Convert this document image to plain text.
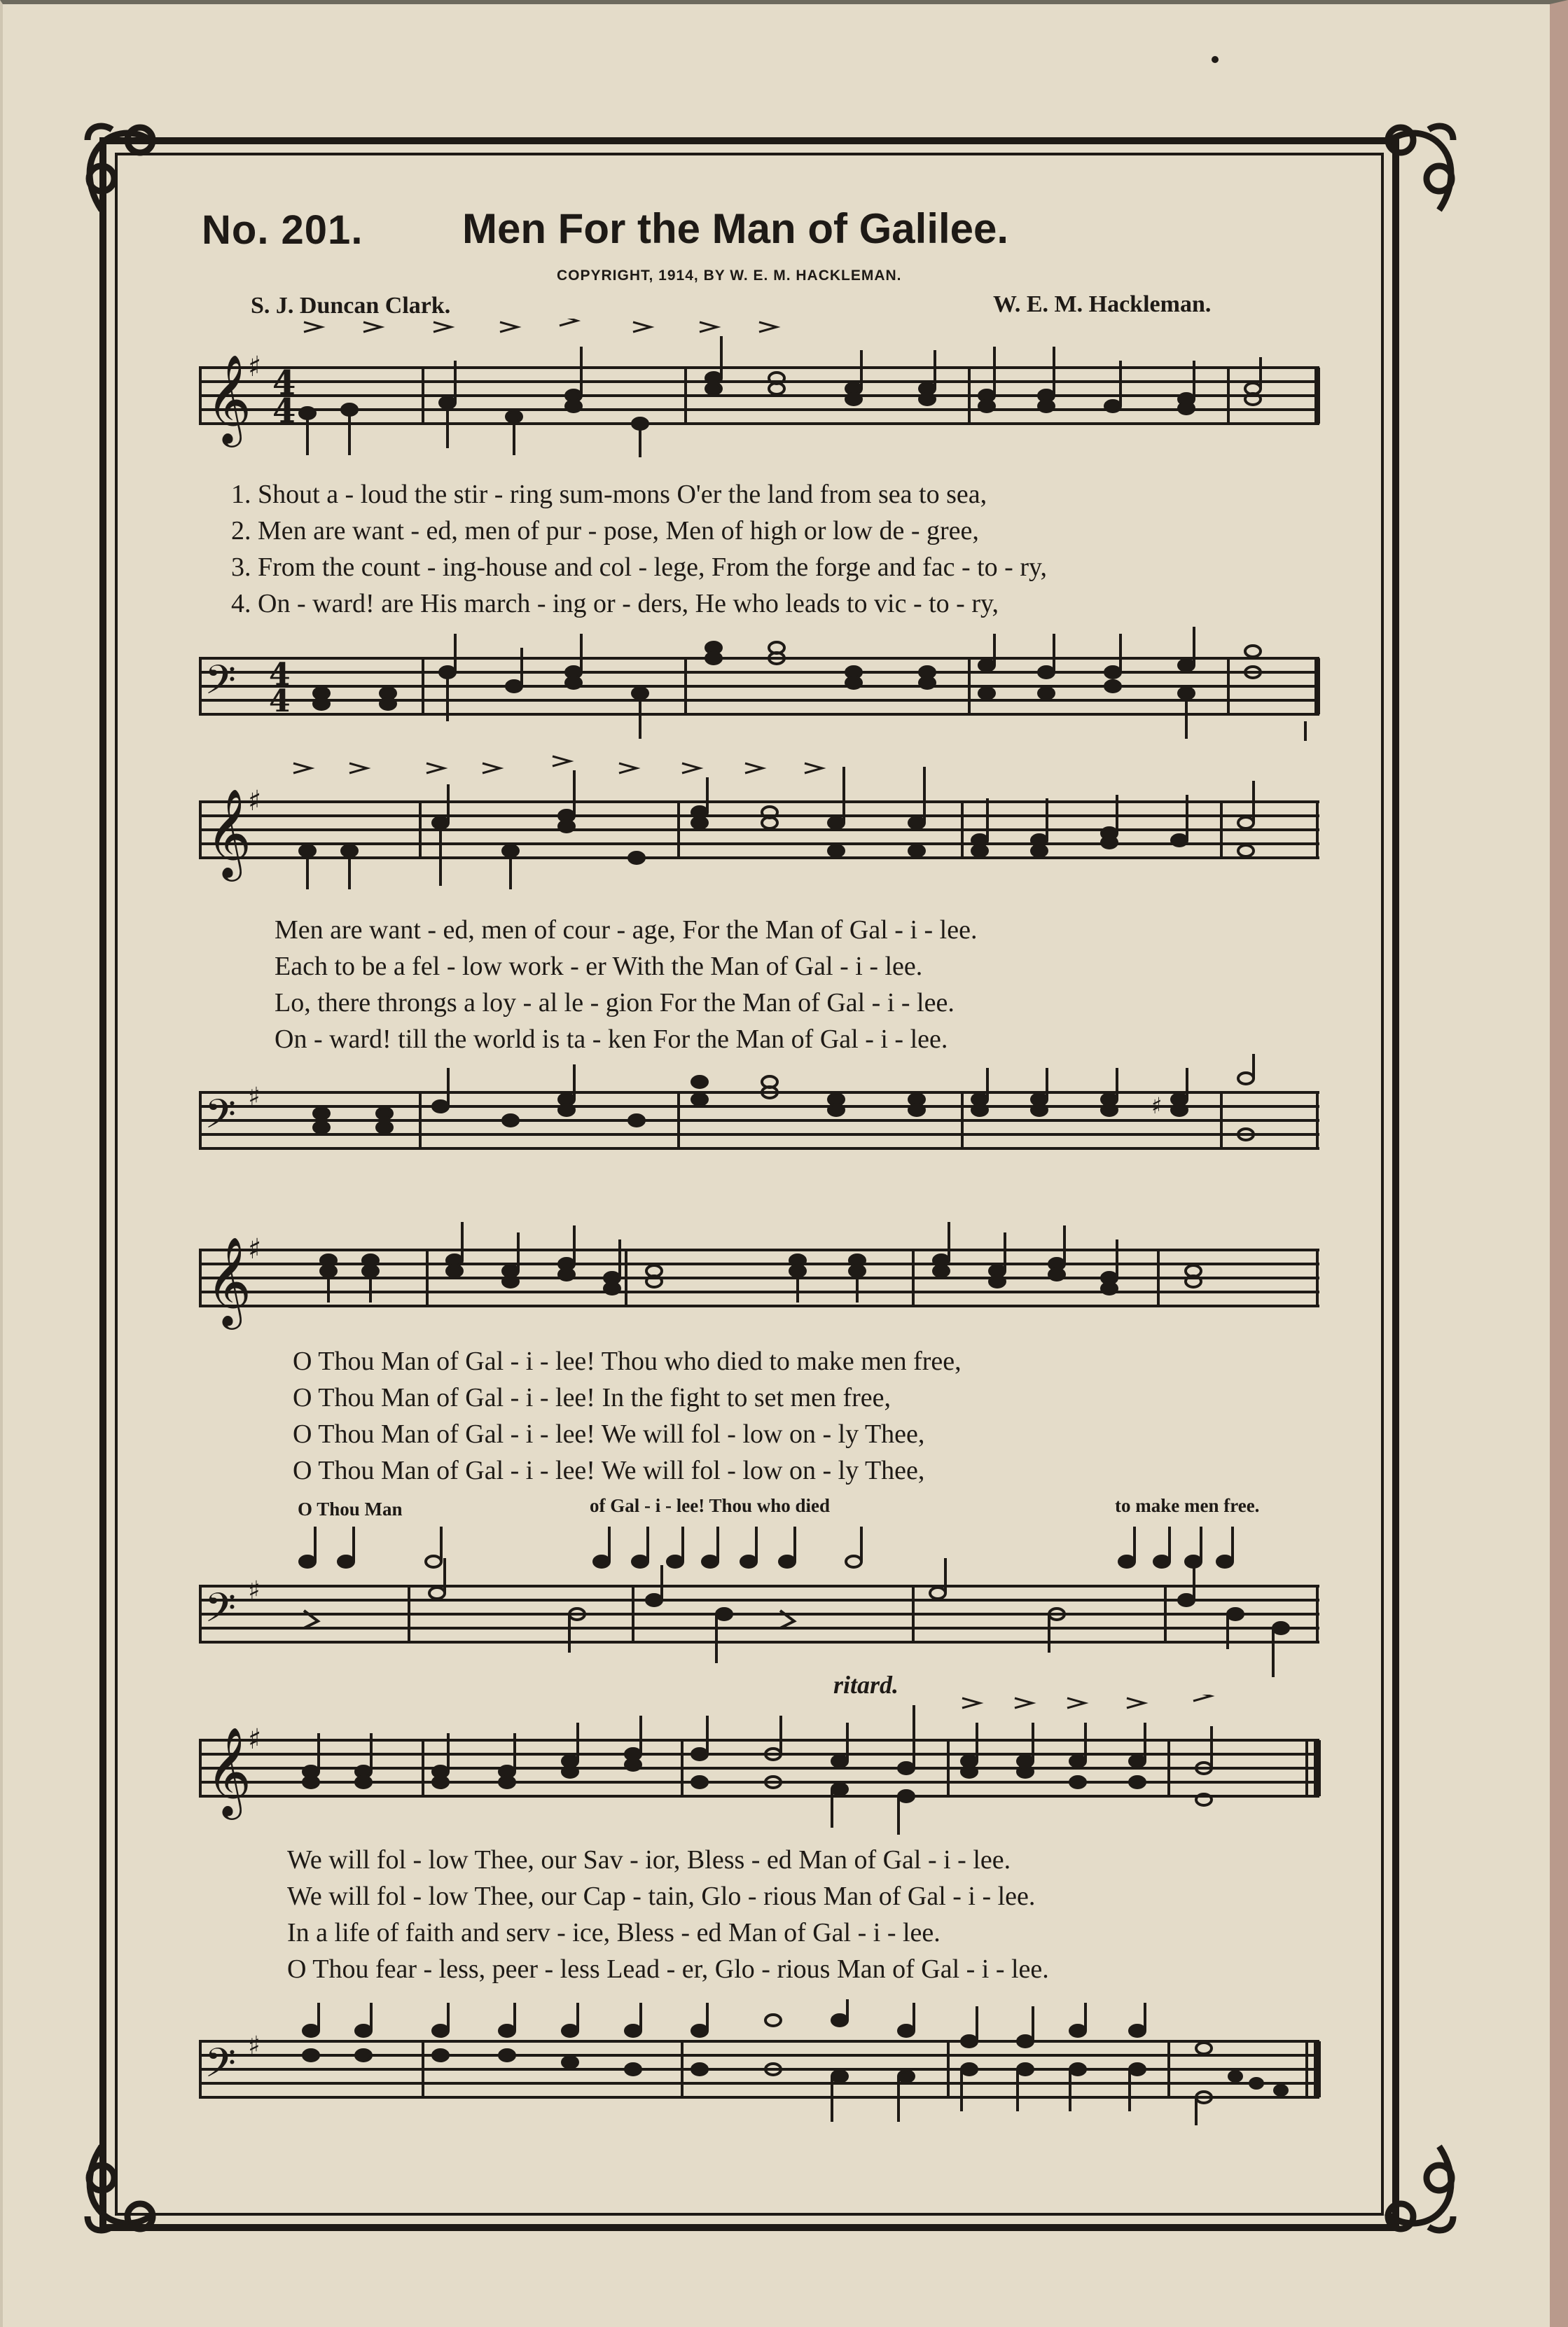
No. 201. Men For the Man of Galilee.
COPYRIGHT, 1914, BY W. E. M. HACKLEMAN.
S. J. Duncan Clark.	W. E. M. Hackleman.
𝄞 4
4
♯
1. Shout a - loud the stir - ring sum-mons O'er the land from sea to sea,
2. Men are want - ed, men of pur - pose, Men of high or low de - gree,
3. From the count - ing-house and col - lege, From the forge and fac - to - ry,
4. On - ward! are His march - ing or - ders, He who leads to vic - to - ry,
𝄢 4
4
𝄞
♯
Men are want - ed, men of cour - age, For the Man of Gal - i - lee.
Each to be a fel - low work - er With the Man of Gal - i - lee.
Lo, there throngs a loy - al le - gion For the Man of Gal - i - lee.
On - ward! till the world is ta - ken For the Man of Gal - i - lee.
𝄢 ♯	♯
𝄞
♯
O Thou Man of Gal - i - lee! Thou who died to make men free,
O Thou Man of Gal - i - lee! In the fight to set men free,
O Thou Man of Gal - i - lee! We will fol - low on - ly Thee,
O Thou Man of Gal - i - lee! We will fol - low on - ly Thee,
O Thou Man	of Gal - i - lee! Thou who died	to make men free.
𝄢 ♯
ritard.
𝄞
♯
We will fol - low Thee, our Sav - ior, Bless - ed Man of Gal - i - lee.
We will fol - low Thee, our Cap - tain, Glo - rious Man of Gal - i - lee.
In a life of faith and serv - ice, Bless - ed Man of Gal - i - lee.
O Thou fear - less, peer - less Lead - er, Glo - rious Man of Gal - i - lee.
𝄢 ♯
